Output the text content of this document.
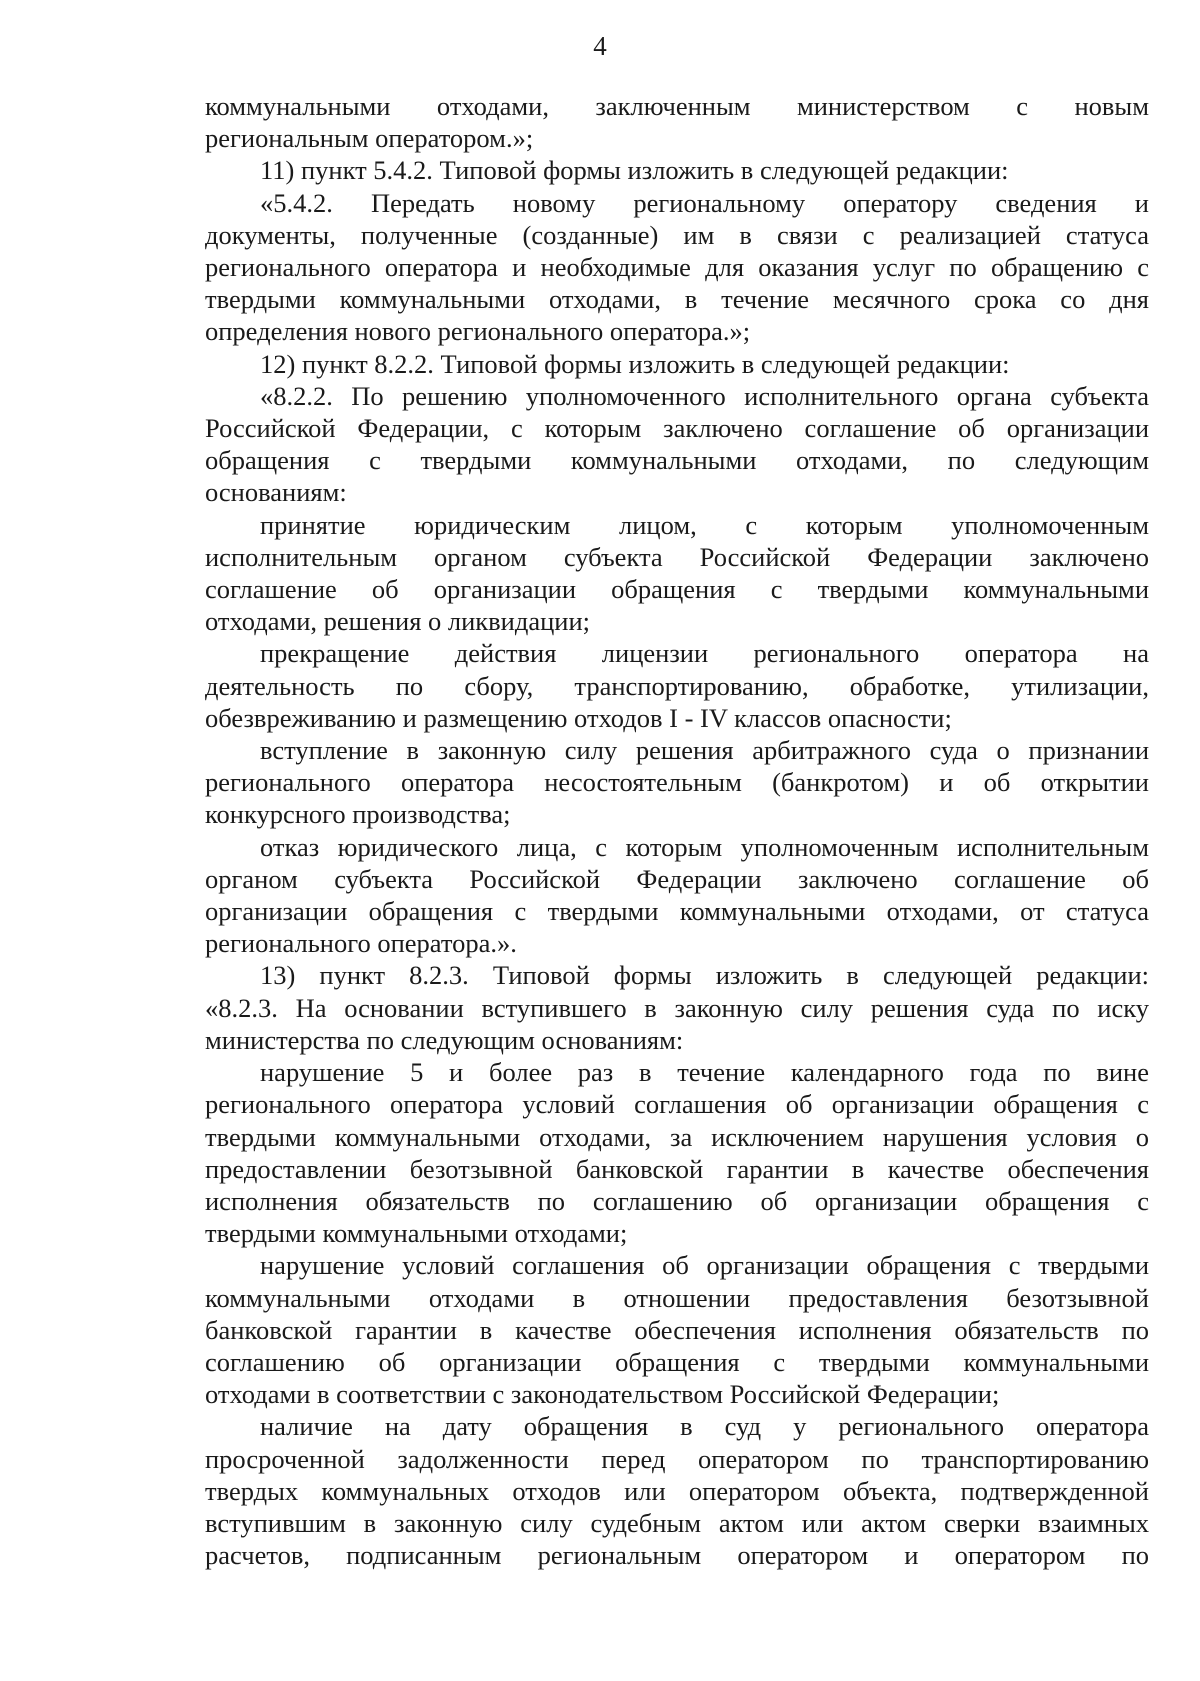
4

коммунальными отходами, заключенным министерством с новым

региональным оператором.»;

11) пункт 5.4.2. Типовой формы изложить в следующей редакции:

«5.4.2. Передать новому региональному оператору сведения и

документы, полученные (созданные) им в связи с реализацией статуса

регионального оператора и необходимые для оказания услуг по обращению с

твердыми коммунальными отходами, в течение месячного срока со дня

определения нового регионального оператора.»;

12) пункт 8.2.2. Типовой формы изложить в следующей редакции:

«8.2.2. По решению уполномоченного исполнительного органа субъекта

Российской Федерации, с которым заключено соглашение об организации

обращения с твердыми коммунальными отходами, по следующим

основаниям:

принятие юридическим лицом, с которым уполномоченным

исполнительным органом субъекта Российской Федерации заключено

соглашение об организации обращения с твердыми коммунальными

отходами, решения о ликвидации;

прекращение действия лицензии регионального оператора на

деятельность по сбору, транспортированию, обработке, утилизации,

обезвреживанию и размещению отходов I - IV классов опасности;

вступление в законную силу решения арбитражного суда о признании

регионального оператора несостоятельным (банкротом) и об открытии

конкурсного производства;

отказ юридического лица, с которым уполномоченным исполнительным

органом субъекта Российской Федерации заключено соглашение об

организации обращения с твердыми коммунальными отходами, от статуса

регионального оператора.».

13) пункт 8.2.3. Типовой формы изложить в следующей редакции:

«8.2.3. На основании вступившего в законную силу решения суда по иску

министерства по следующим основаниям:

нарушение 5 и более раз в течение календарного года по вине

регионального оператора условий соглашения об организации обращения с

твердыми коммунальными отходами, за исключением нарушения условия о

предоставлении безотзывной банковской гарантии в качестве обеспечения

исполнения обязательств по соглашению об организации обращения с

твердыми коммунальными отходами;

нарушение условий соглашения об организации обращения с твердыми

коммунальными отходами в отношении предоставления безотзывной

банковской гарантии в качестве обеспечения исполнения обязательств по

соглашению об организации обращения с твердыми коммунальными

отходами в соответствии с законодательством Российской Федерации;

наличие на дату обращения в суд у регионального оператора

просроченной задолженности перед оператором по транспортированию

твердых коммунальных отходов или оператором объекта, подтвержденной

вступившим в законную силу судебным актом или актом сверки взаимных

расчетов, подписанным региональным оператором и оператором по
